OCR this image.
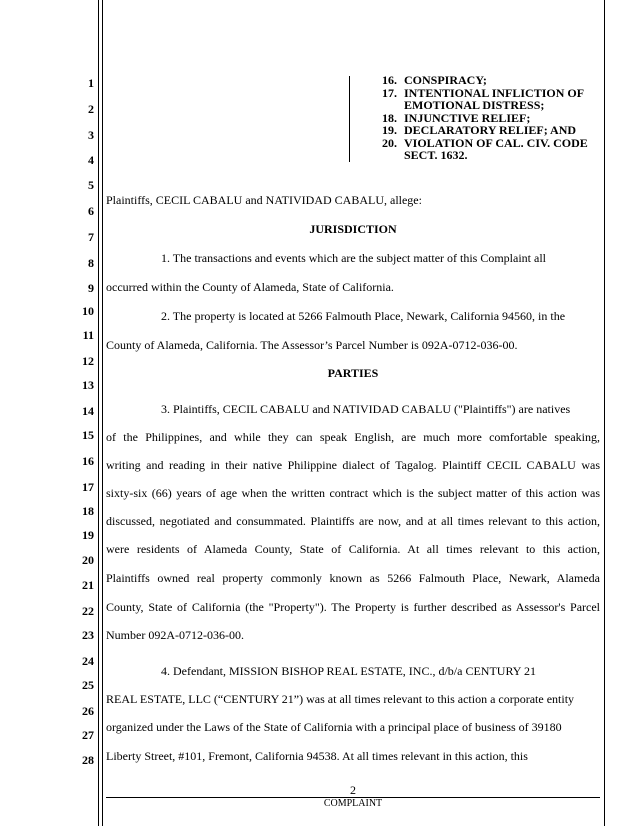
1
2
3
4
5
6
7
8
9
10
11
12
13
14
15
16
17
18
19
20
21
22
23
24
25
26
27
28
16. CONSPIRACY;
17. INTENTIONAL INFLICTION OF EMOTIONAL DISTRESS;
18. INJUNCTIVE RELIEF;
19. DECLARATORY RELIEF; AND
20. VIOLATION OF CAL. CIV. CODE SECT. 1632.
Plaintiffs, CECIL CABALU and NATIVIDAD CABALU, allege:
JURISDICTION
1. The transactions and events which are the subject matter of this Complaint all
occurred within the County of Alameda, State of California.
2. The property is located at 5266 Falmouth Place, Newark, California 94560, in the
County of Alameda, California. The Assessor’s Parcel Number is 092A-0712-036-00.
PARTIES
3. Plaintiffs, CECIL CABALU and NATIVIDAD CABALU ("Plaintiffs") are natives
of the Philippines, and while they can speak English, are much more comfortable speaking,
writing and reading in their native Philippine dialect of Tagalog. Plaintiff CECIL CABALU was
sixty-six (66) years of age when the written contract which is the subject matter of this action was
discussed, negotiated and consummated. Plaintiffs are now, and at all times relevant to this action,
were residents of Alameda County, State of California. At all times relevant to this action,
Plaintiffs owned real property commonly known as 5266 Falmouth Place, Newark, Alameda
County, State of California (the "Property"). The Property is further described as Assessor's Parcel
Number 092A-0712-036-00.
4. Defendant, MISSION BISHOP REAL ESTATE, INC., d/b/a CENTURY 21
REAL ESTATE, LLC (“CENTURY 21”) was at all times relevant to this action a corporate entity
organized under the Laws of the State of California with a principal place of business of 39180
Liberty Street, #101, Fremont, California 94538. At all times relevant in this action, this
2
COMPLAINT
